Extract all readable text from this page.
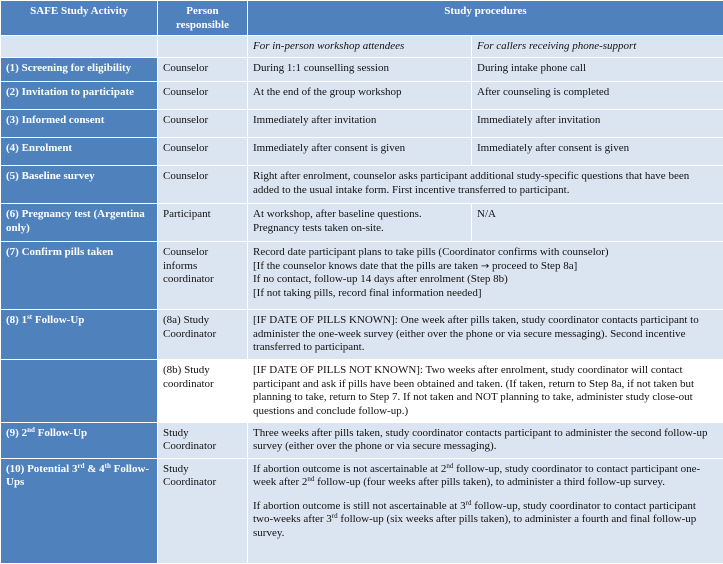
SAFE Study Activity	Person responsible	Study procedures	
		For in-person workshop attendees	For callers receiving phone-support
(1) Screening for eligibility	Counselor	During 1:1 counselling session	During intake phone call
(2) Invitation to participate	Counselor	At the end of the group workshop	After counseling is completed
(3) Informed consent	Counselor	Immediately after invitation	Immediately after invitation
(4) Enrolment	Counselor	Immediately after consent is given	Immediately after consent is given
(5) Baseline survey	Counselor	Right after enrolment, counselor asks participant additional study-specific questions that have been added to the usual intake form. First incentive transferred to participant.	
(6) Pregnancy test (Argentina only)	Participant	At workshop, after baseline questions. Pregnancy tests taken on-site.	N/A
(7) Confirm pills taken	Counselor informs coordinator	Record date participant plans to take pills (Coordinator confirms with counselor)
[If the counselor knows date that the pills are taken → proceed to Step 8a]
If no contact, follow-up 14 days after enrolment (Step 8b)
[If not taking pills, record final information needed]	

(8) 1st Follow-Up	(8a) Study Coordinator	[IF DATE OF PILLS KNOWN]: One week after pills taken, study coordinator contacts participant to administer the one-week survey (either over the phone or via secure messaging). Second incentive transferred to participant.	
	(8b) Study coordinator	[IF DATE OF PILLS NOT KNOWN]: Two weeks after enrolment, study coordinator will contact participant and ask if pills have been obtained and taken. (If taken, return to Step 8a, if not taken but planning to take, return to Step 7. If not taken and NOT planning to take, administer study close-out questions and conclude follow-up.)	
(9) 2nd Follow-Up	Study Coordinator	Three weeks after pills taken, study coordinator contacts participant to administer the second follow-up survey (either over the phone or via secure messaging).	
(10) Potential 3rd & 4th Follow-Ups	Study Coordinator	If abortion outcome is not ascertainable at 2nd follow-up, study coordinator to contact participant one-week after 2nd follow-up (four weeks after pills taken), to administer a third follow-up survey.
If abortion outcome is still not ascertainable at 3rd follow-up, study coordinator to contact participant two-weeks after 3rd follow-up (six weeks after pills taken), to administer a fourth and final follow-up survey.	
